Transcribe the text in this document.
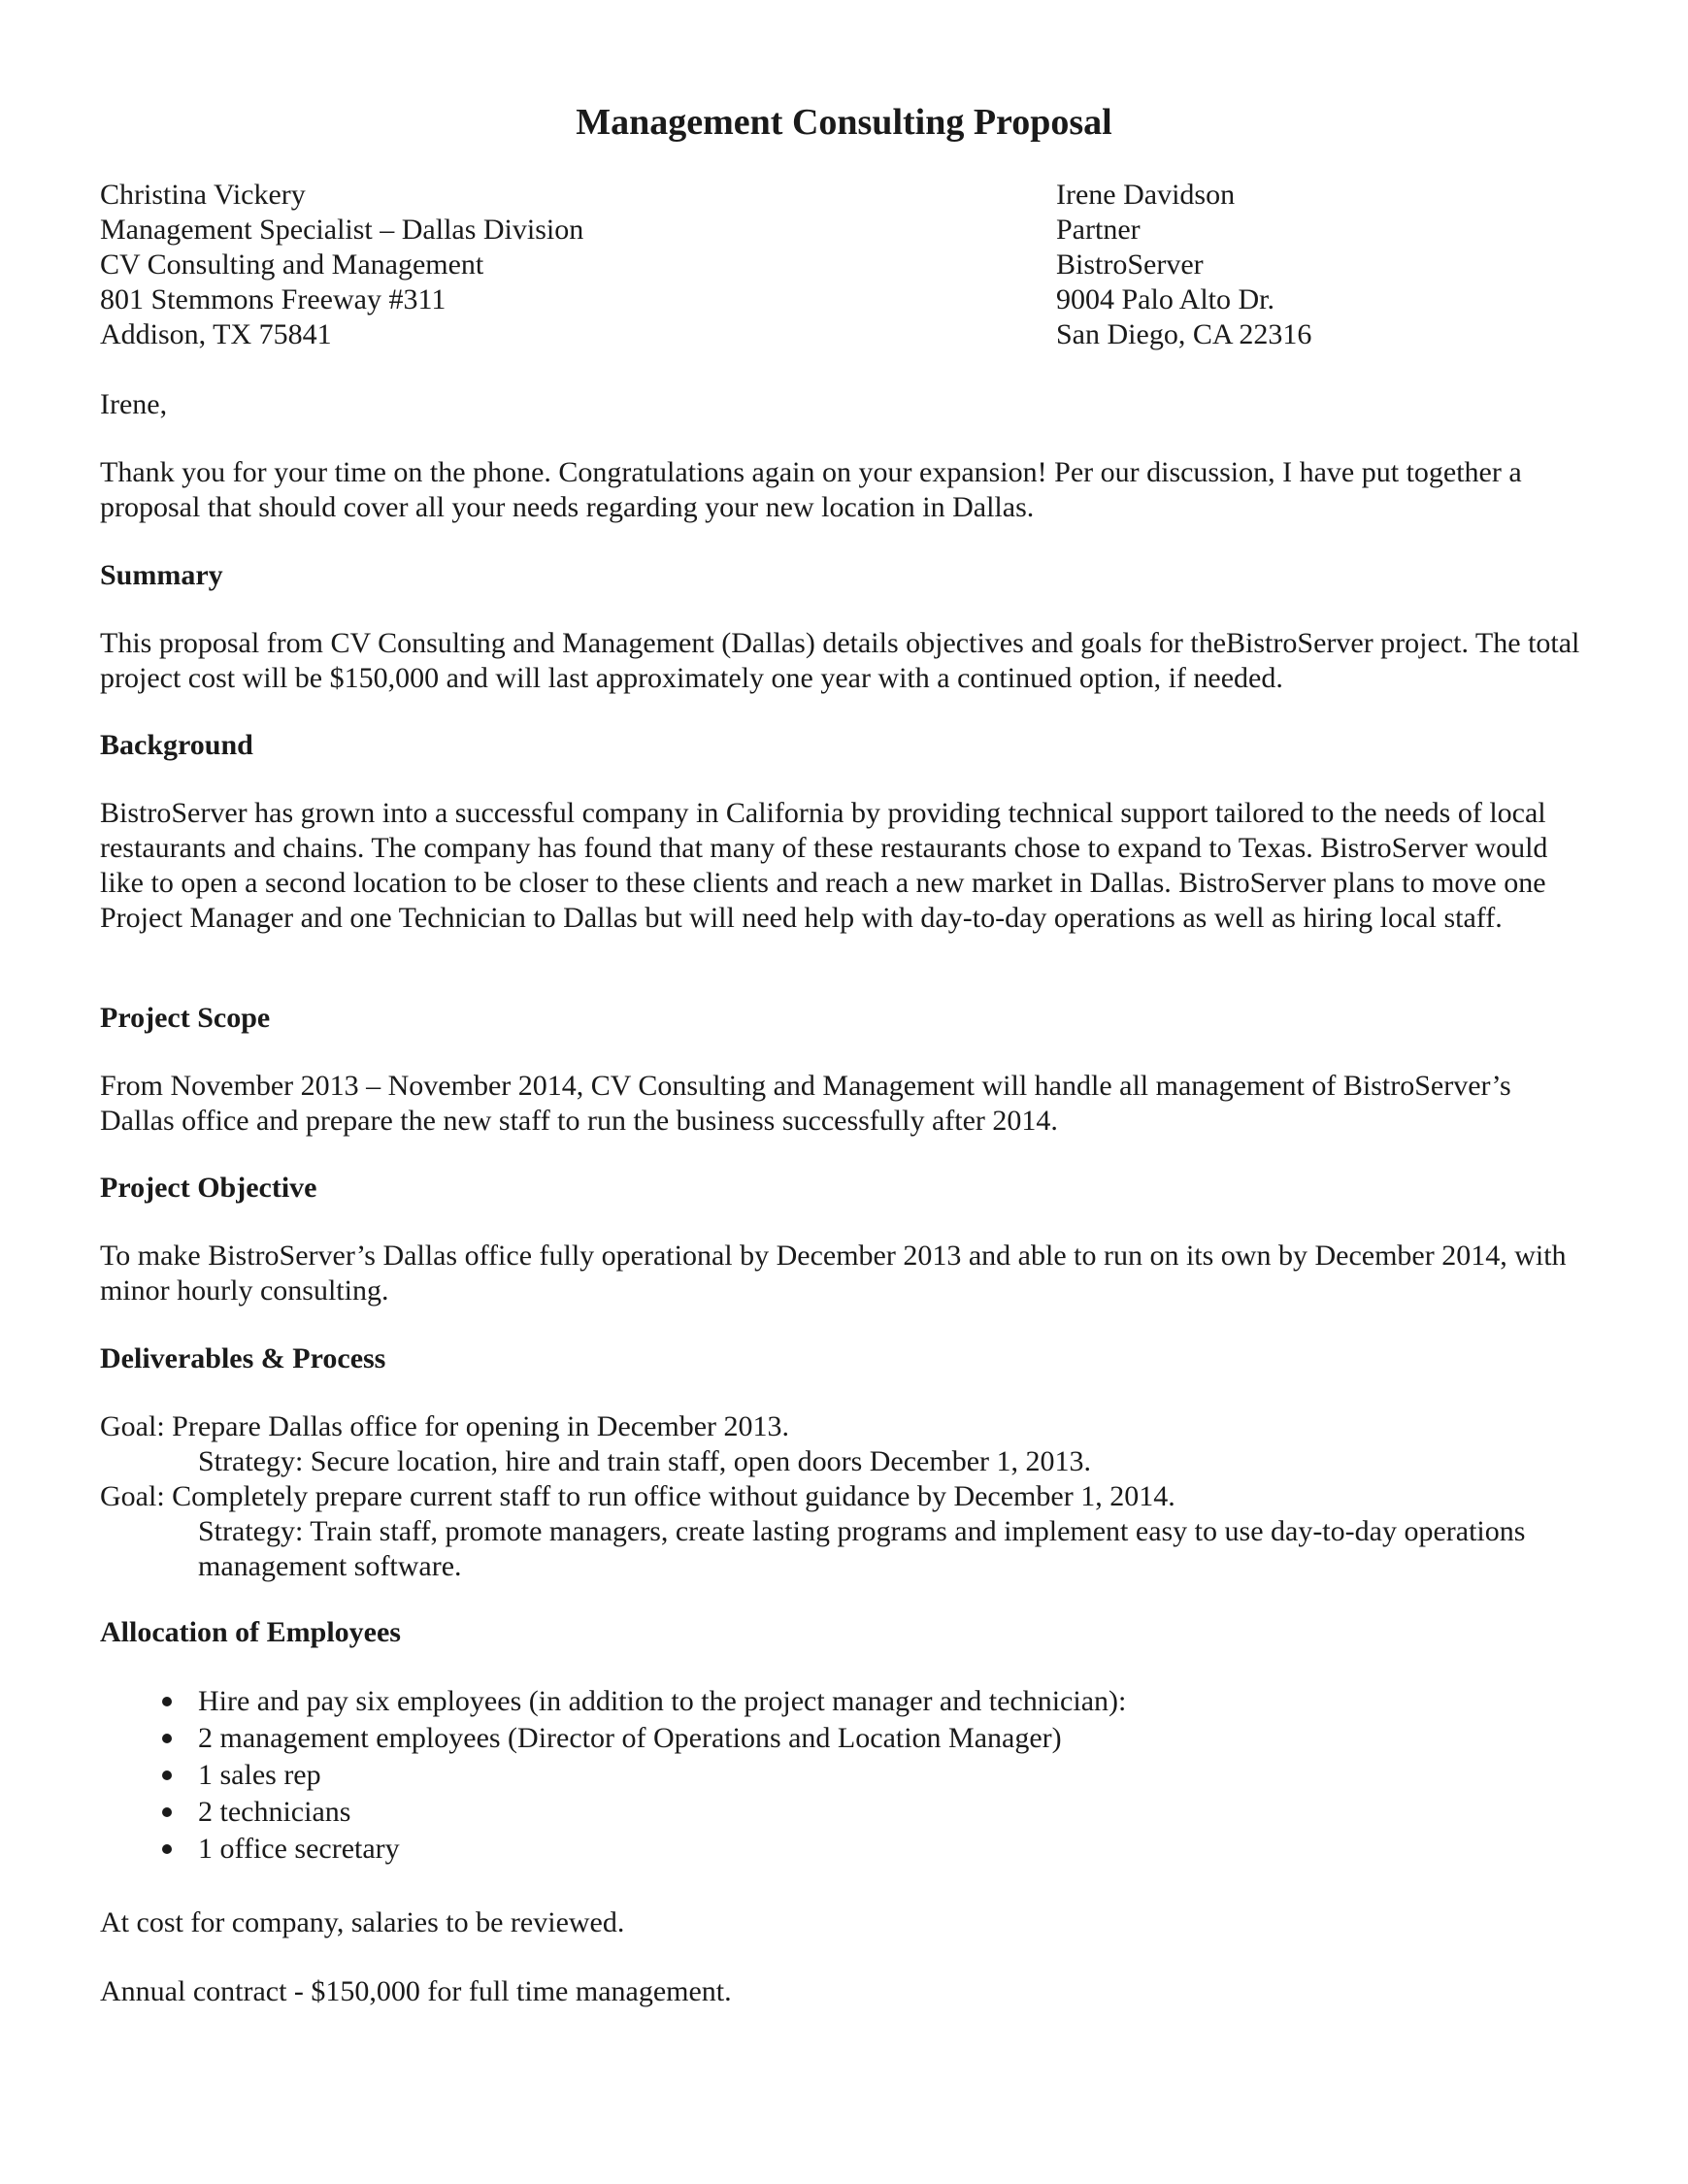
Management Consulting Proposal
Christina Vickery
Management Specialist – Dallas Division
CV Consulting and Management
801 Stemmons Freeway #311
Addison, TX 75841
Irene Davidson
Partner
BistroServer
9004 Palo Alto Dr.
San Diego, CA 22316

Irene,

Thank you for your time on the phone. Congratulations again on your expansion! Per our discussion, I have put together a proposal that should cover all your needs regarding your new location in Dallas.

Summary

This proposal from CV Consulting and Management (Dallas) details objectives and goals for theBistroServer project. The total project cost will be $150,000 and will last approximately one year with a continued option, if needed.

Background

BistroServer has grown into a successful company in California by providing technical support tailored to the needs of local restaurants and chains. The company has found that many of these restaurants chose to expand to Texas. BistroServer would like to open a second location to be closer to these clients and reach a new market in Dallas. BistroServer plans to move one Project Manager and one Technician to Dallas but will need help with day-to-day operations as well as hiring local staff.

Project Scope

From November 2013 – November 2014, CV Consulting and Management will handle all management of BistroServer’s Dallas office and prepare the new staff to run the business successfully after 2014.

Project Objective

To make BistroServer’s Dallas office fully operational by December 2013 and able to run on its own by December 2014, with minor hourly consulting.

Deliverables & Process

Goal: Prepare Dallas office for opening in December 2013.
Strategy: Secure location, hire and train staff, open doors December 1, 2013.
Goal: Completely prepare current staff to run office without guidance by December 1, 2014.
Strategy: Train staff, promote managers, create lasting programs and implement easy to use day-to-day operations management software.

Allocation of Employees

Hire and pay six employees (in addition to the project manager and technician):
2 management employees (Director of Operations and Location Manager)
1 sales rep
2 technicians
1 office secretary

At cost for company, salaries to be reviewed.

Annual contract - $150,000 for full time management.
